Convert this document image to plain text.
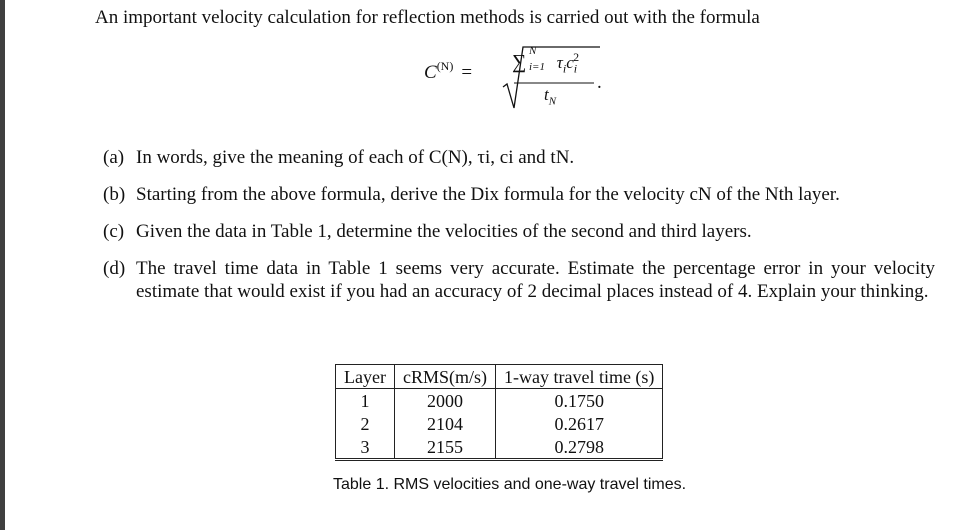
An important velocity calculation for reflection methods is carried out with the formula
$C^{(N)}$ = ∑ N
i=1 $\tau_ic_i^2$
$t_N$
.
(a) In words, give the meaning of each of C(N), τi, ci and tN.
(b) Starting from the above formula, derive the Dix formula for the velocity cN of the Nth layer.
(c) Given the data in Table 1, determine the velocities of the second and third layers.
(d) The travel time data in Table 1 seems very accurate. Estimate the percentage error in your velocity estimate that would exist if you had an accuracy of 2 decimal places instead of 4. Explain your thinking.
Layer	cRMS(m/s)	1-way travel time (s)
1	2000	0.1750
2	2104	0.2617
3	2155	0.2798
Table 1. RMS velocities and one-way travel times.
